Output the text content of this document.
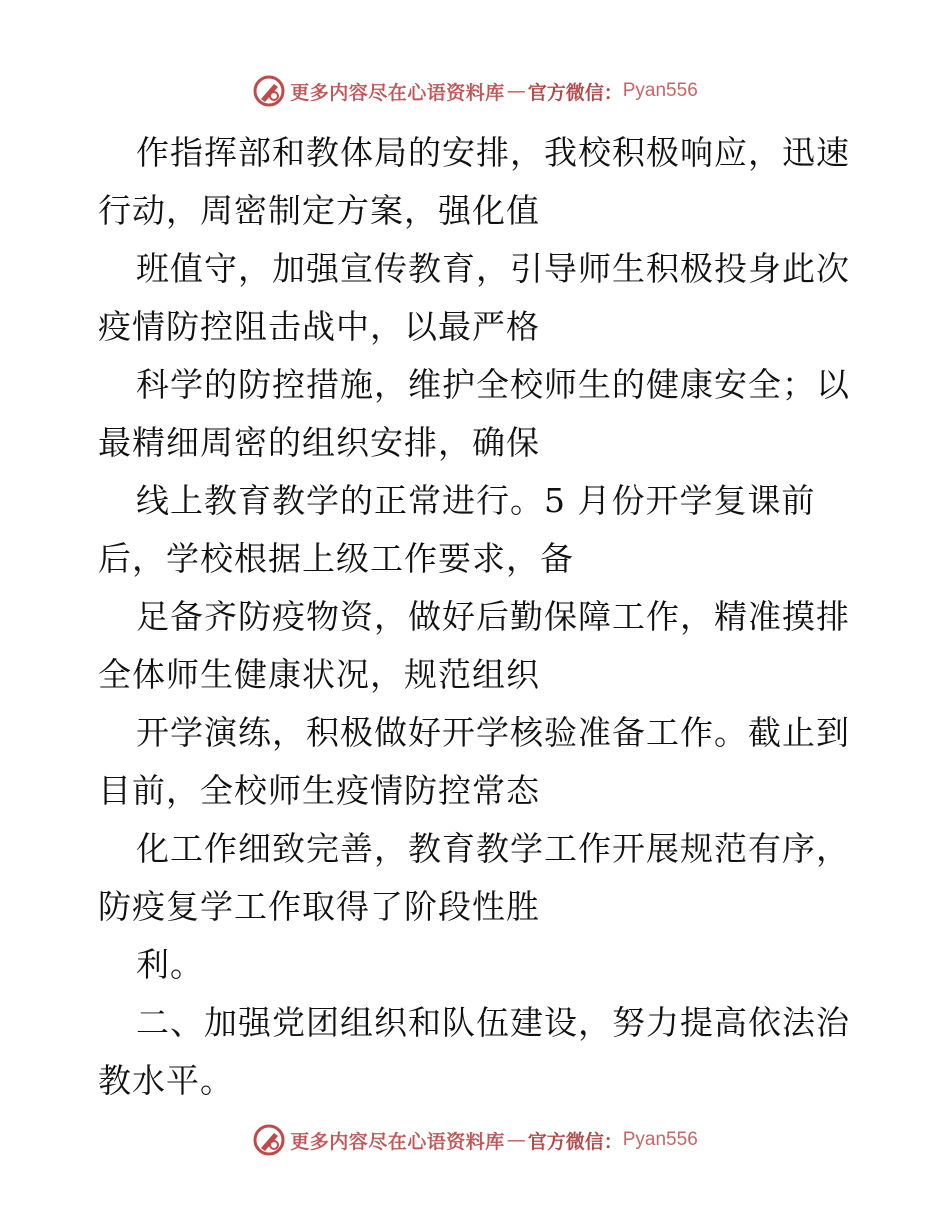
更多内容尽在心语资料库 — 官方微信： Pyan556
作指挥部和教体局的安排，我校积极响应，迅速
行动，周密制定方案，强化值
班值守，加强宣传教育，引导师生积极投身此次
疫情防控阻击战中，以最严格
科学的防控措施，维护全校师生的健康安全；以
最精细周密的组织安排，确保
线上教育教学的正常进行。5 月份开学复课前
后，学校根据上级工作要求，备
足备齐防疫物资，做好后勤保障工作，精准摸排
全体师生健康状况，规范组织
开学演练，积极做好开学核验准备工作。截止到
目前，全校师生疫情防控常态
化工作细致完善，教育教学工作开展规范有序，
防疫复学工作取得了阶段性胜
利。
二、加强党团组织和队伍建设，努力提高依法治
教水平。
更多内容尽在心语资料库 — 官方微信： Pyan556
